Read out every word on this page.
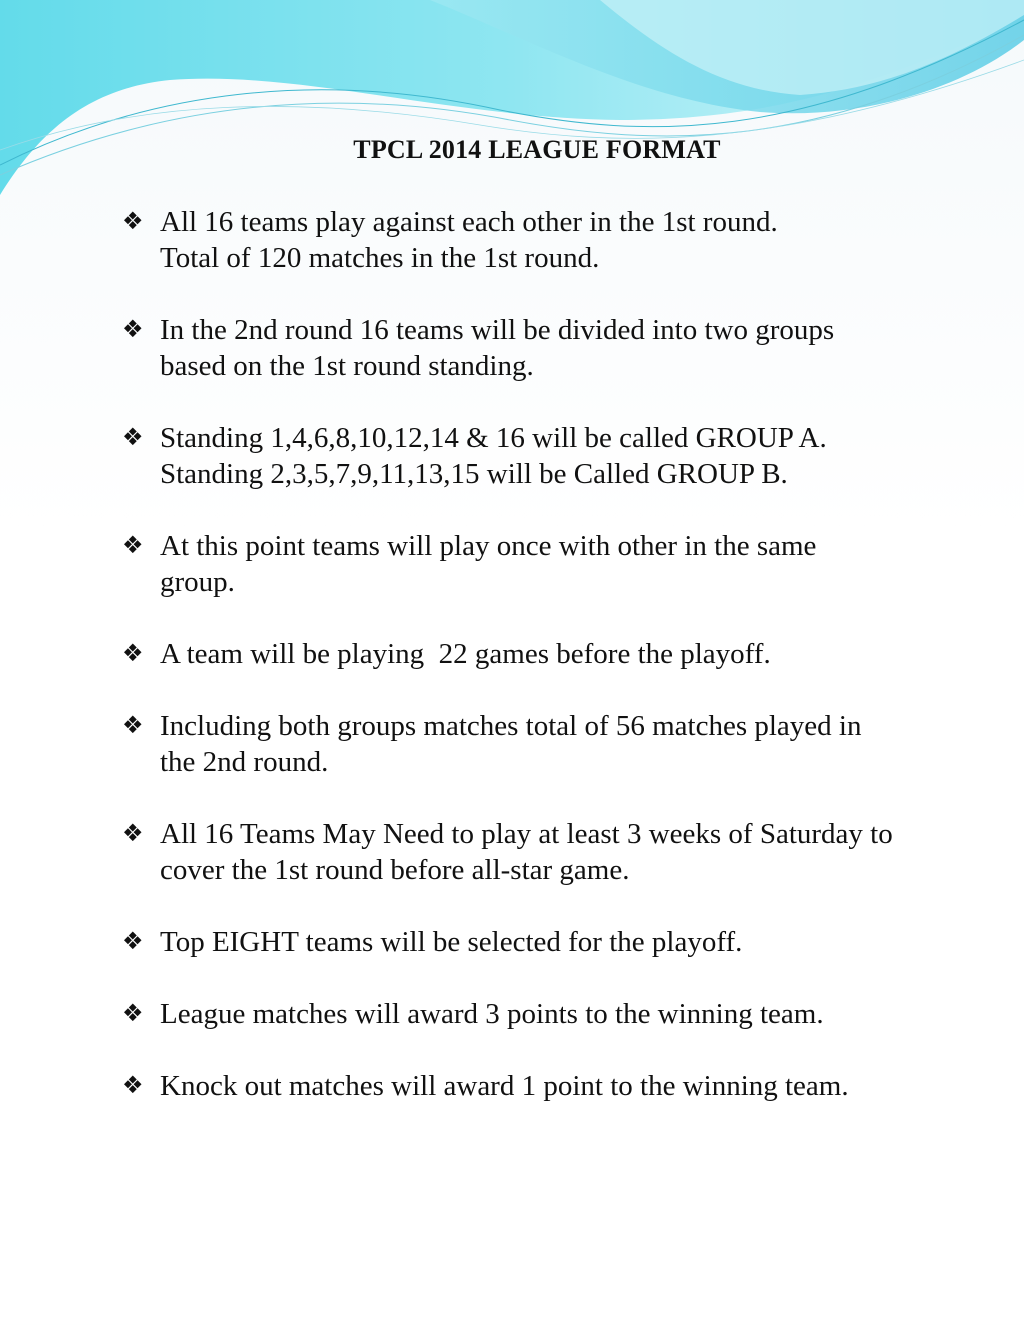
TPCL 2014 LEAGUE FORMAT
❖ All 16 teams play against each other in the 1st round.
Total of 120 matches in the 1st round.
❖ In the 2nd round 16 teams will be divided into two groups
based on the 1st round standing.
❖ Standing 1,4,6,8,10,12,14 & 16 will be called GROUP A.
Standing 2,3,5,7,9,11,13,15 will be Called GROUP B.
❖ At this point teams will play once with other in the same
group.
❖ A team will be playing  22 games before the playoff.
❖ Including both groups matches total of 56 matches played in
the 2nd round.
❖ All 16 Teams May Need to play at least 3 weeks of Saturday to
cover the 1st round before all-star game.
❖ Top EIGHT teams will be selected for the playoff.
❖ League matches will award 3 points to the winning team.
❖ Knock out matches will award 1 point to the winning team.
